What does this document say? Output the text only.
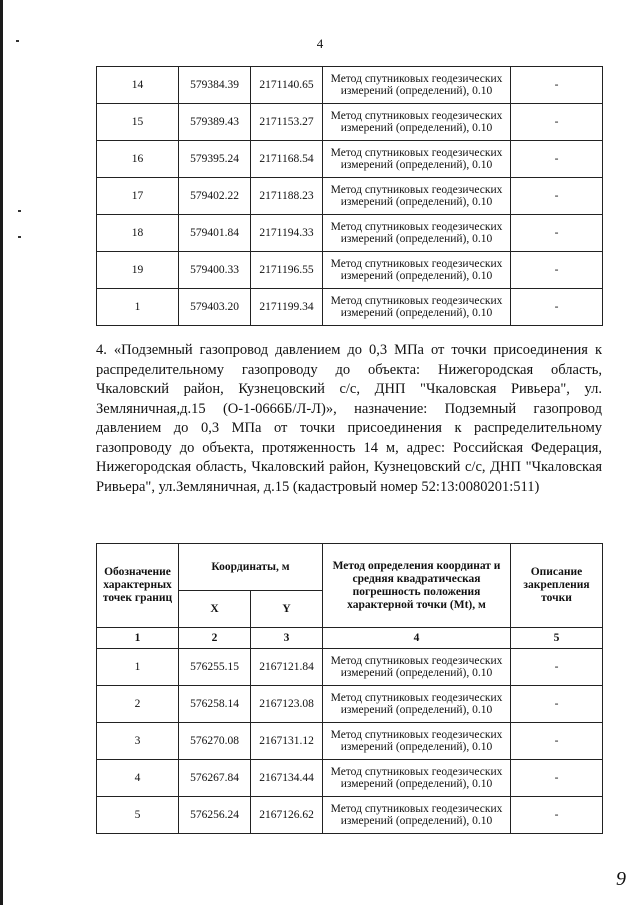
4
14	579384.39	2171140.65	Метод спутниковых геодезических измерений (определений), 0.10	-
15	579389.43	2171153.27	Метод спутниковых геодезических измерений (определений), 0.10	-
16	579395.24	2171168.54	Метод спутниковых геодезических измерений (определений), 0.10	-
17	579402.22	2171188.23	Метод спутниковых геодезических измерений (определений), 0.10	-
18	579401.84	2171194.33	Метод спутниковых геодезических измерений (определений), 0.10	-
19	579400.33	2171196.55	Метод спутниковых геодезических измерений (определений), 0.10	-
1	579403.20	2171199.34	Метод спутниковых геодезических измерений (определений), 0.10	-

4. «Подземный газопровод давлением до 0,3 МПа от точки присоединения к распределительному газопроводу до объекта: Нижегородская область, Чкаловский район, Кузнецовский с/с, ДНП "Чкаловская Ривьера", ул. Земляничная,д.15 (О-1-0666Б/Л-Л)», назначение: Подземный газопровод давлением до 0,3 МПа от точки присоединения к распределительному газопроводу до объекта, протяженность 14 м, адрес: Российская Федерация, Нижегородская область, Чкаловский район, Кузнецовский с/с, ДНП "Чкаловская Ривьера", ул.Земляничная, д.15 (кадастровый номер 52:13:0080201:511)

Обозначение характерных точек границ	Координаты, м		Метод определения координат и средняя квадратическая погрешность положения характерной точки (Mt), м	Описание закрепления точки
	X	Y		
1	2	3	4	5
1	576255.15	2167121.84	Метод спутниковых геодезических измерений (определений), 0.10	-
2	576258.14	2167123.08	Метод спутниковых геодезических измерений (определений), 0.10	-
3	576270.08	2167131.12	Метод спутниковых геодезических измерений (определений), 0.10	-
4	576267.84	2167134.44	Метод спутниковых геодезических измерений (определений), 0.10	-
5	576256.24	2167126.62	Метод спутниковых геодезических измерений (определений), 0.10	-
9
